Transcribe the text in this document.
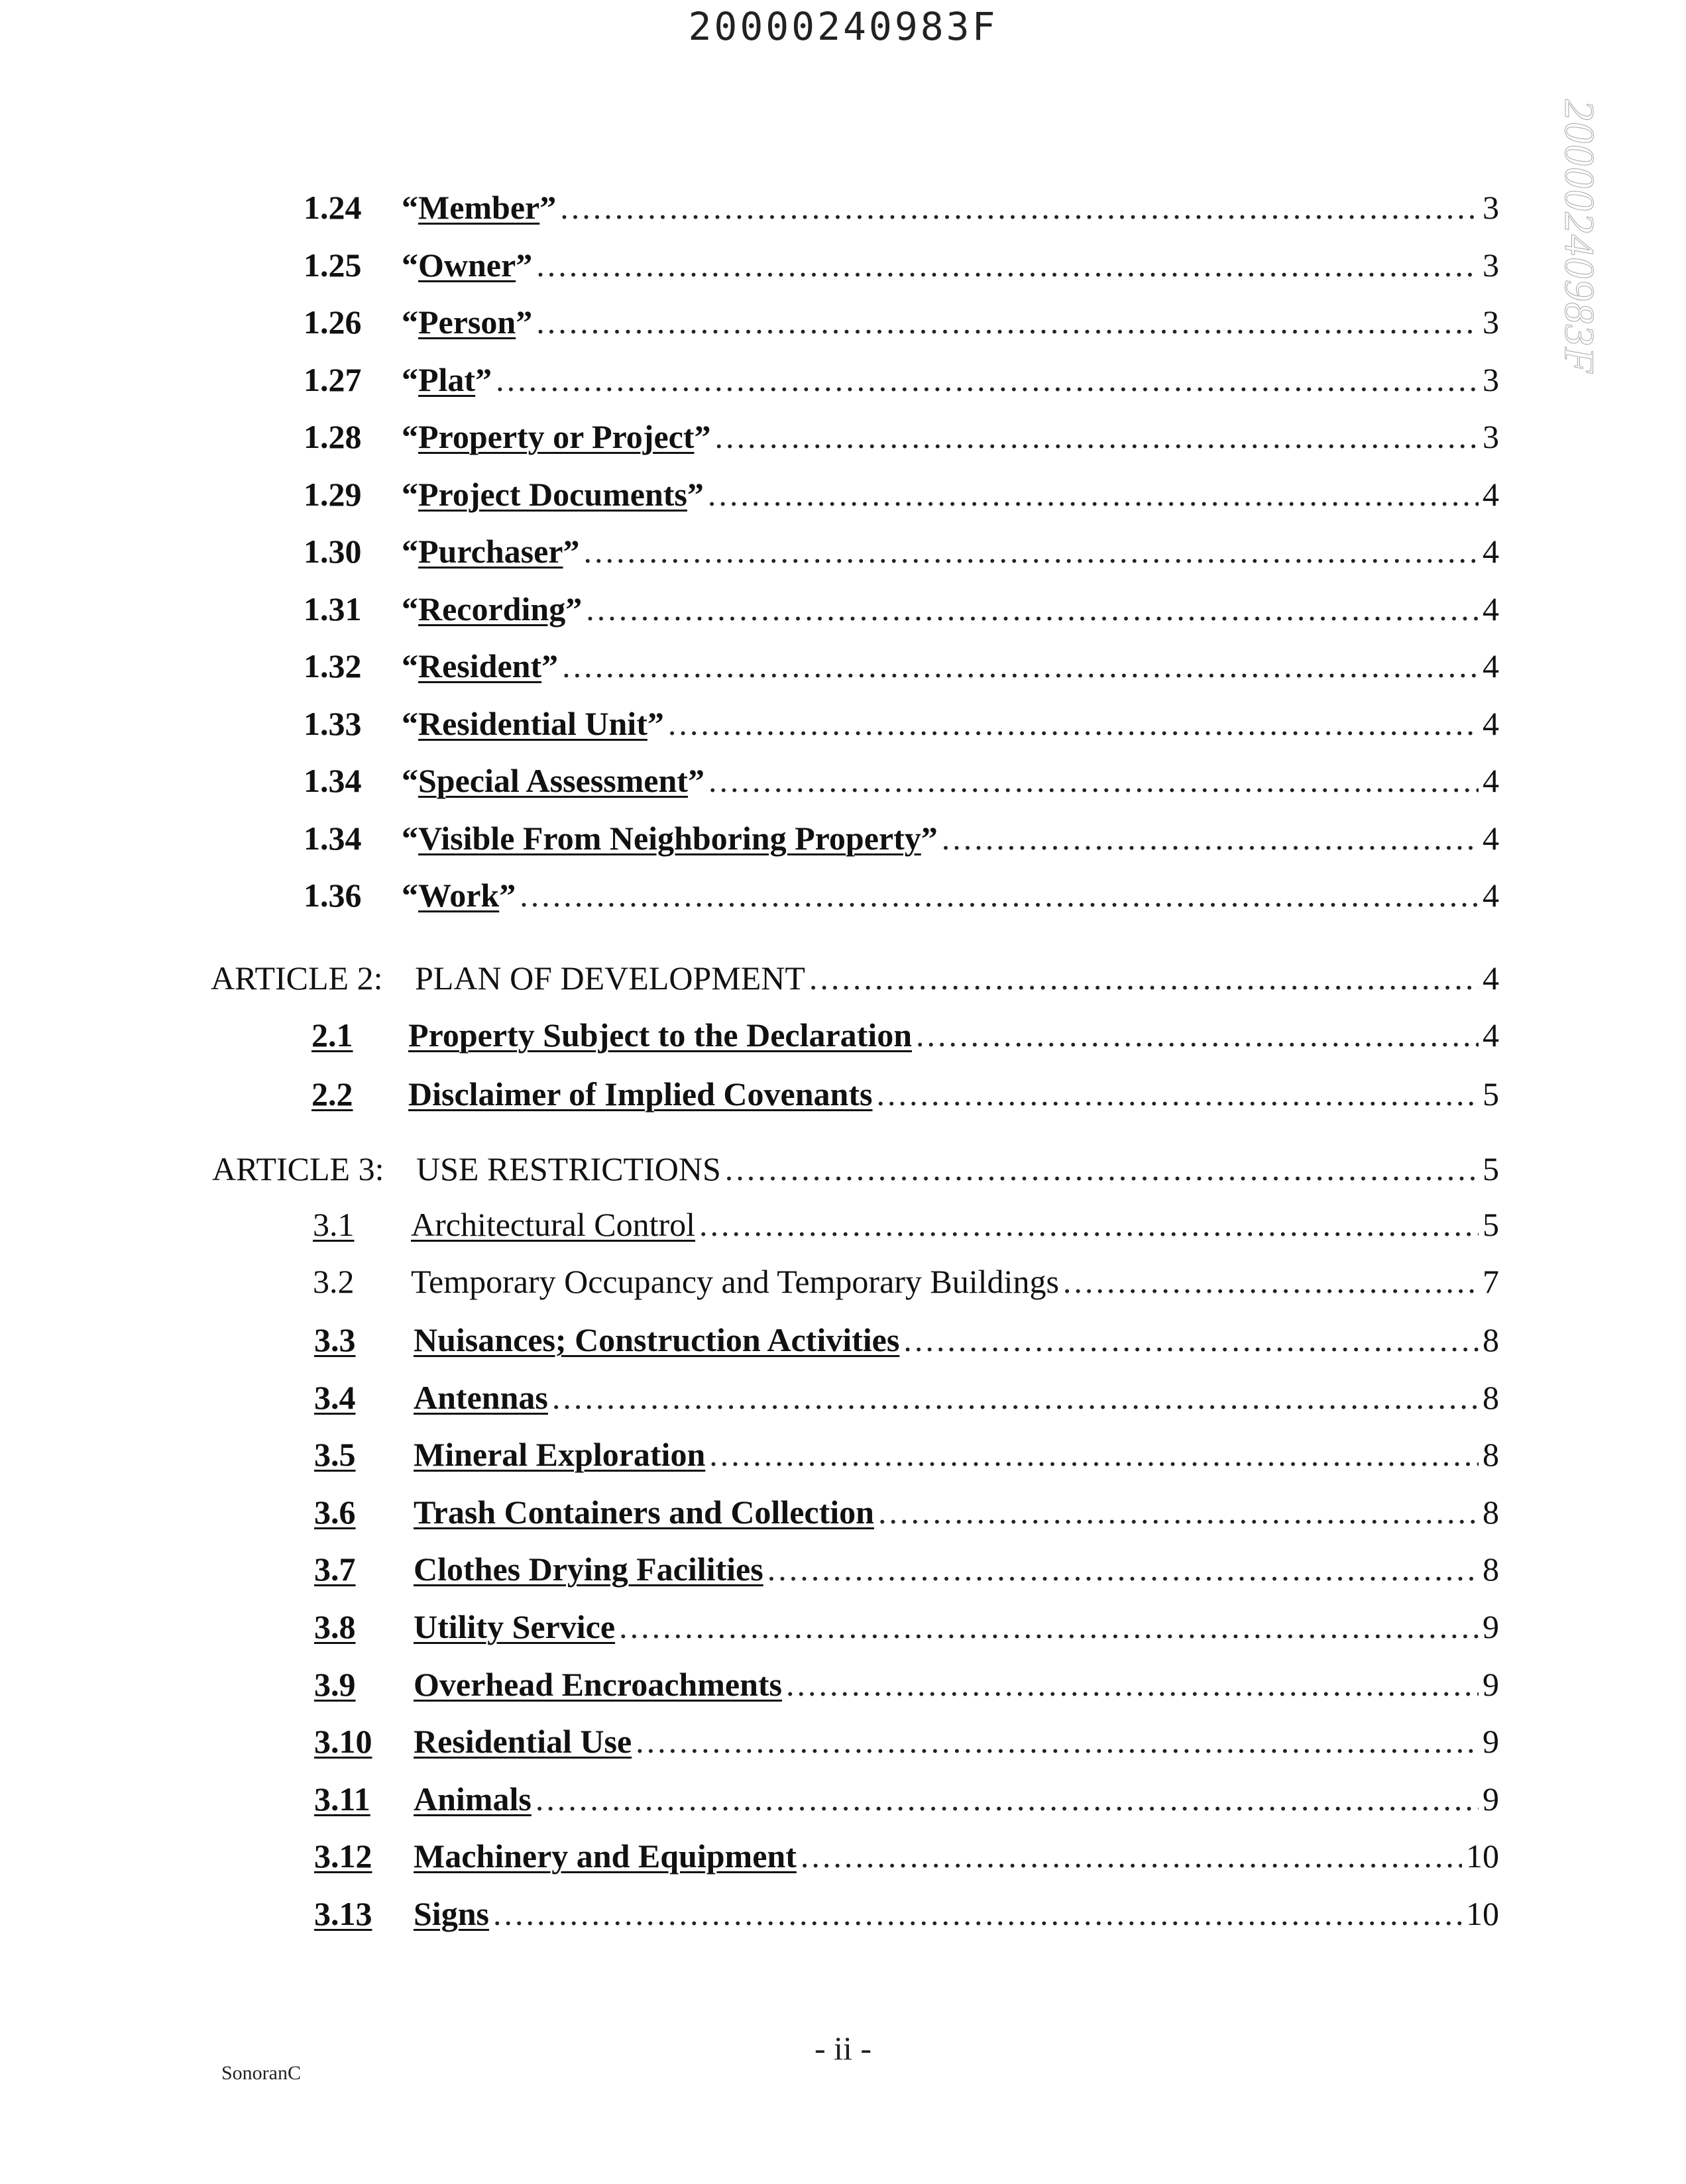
20000240983F
20000240983F
1.24	“Member” .....	3
1.25	“Owner” .....	3
1.26	“Person” .....	3
1.27	“Plat” .....	3
1.28	“Property or Project” .....	3
1.29	“Project Documents” .....	4
1.30	“Purchaser” .....	4
1.31	“Recording” .....	4
1.32	“Resident” .....	4
1.33	“Residential Unit” .....	4
1.34	“Special Assessment” .....	4
1.34	“Visible From Neighboring Property” .....	4
1.36	“Work” .....	4
ARTICLE 2: PLAN OF DEVELOPMENT .....	4
2.1	Property Subject to the Declaration .....	4
2.2	Disclaimer of Implied Covenants .....	5
ARTICLE 3: USE RESTRICTIONS .....	5
3.1	Architectural Control .....	5
3.2	Temporary Occupancy and Temporary Buildings .....	7
3.3	Nuisances; Construction Activities .....	8
3.4	Antennas .....	8
3.5	Mineral Exploration .....	8
3.6	Trash Containers and Collection .....	8
3.7	Clothes Drying Facilities .....	8
3.8	Utility Service .....	9
3.9	Overhead Encroachments .....	9
3.10	Residential Use .....	9
3.11	Animals .....	9
3.12	Machinery and Equipment .....	10
3.13	Signs .....	10
SonoranC
- ii -
